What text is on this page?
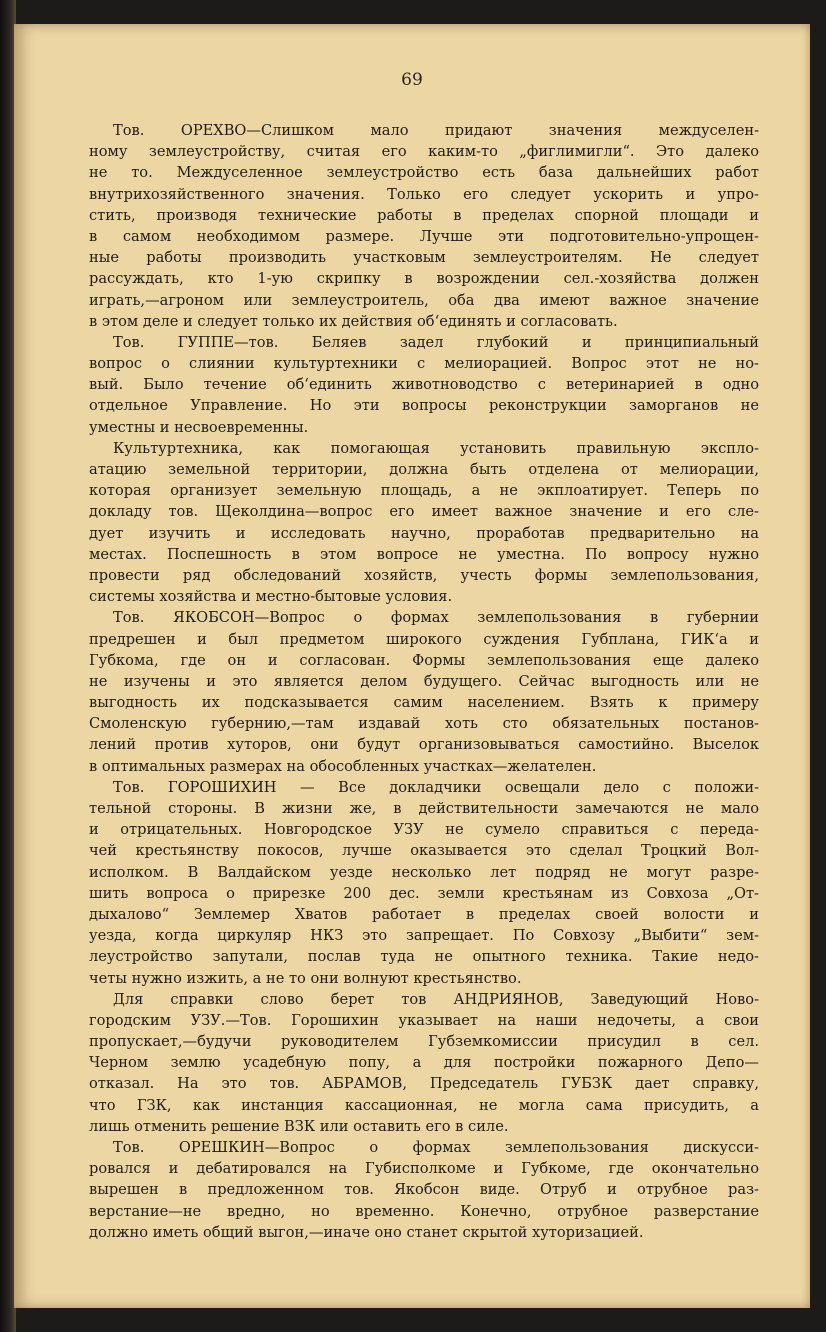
69
Тов. ОРЕХВО—Слишком мало придают значения междуселен-
ному землеустройству, считая его каким-то „фиглимигли“. Это далеко
не то. Междуселенное землеустройство есть база дальнейших работ
внутрихозяйственного значения. Только его следует ускорить и упро-
стить, производя технические работы в пределах спорной площади и
в самом необходимом размере. Лучше эти подготовительно-упрощен-
ные работы производить участковым землеустроителям. Не следует
рассуждать, кто 1-ую скрипку в возрождении сел.-хозяйства должен
играть,—агроном или землеустроитель, оба два имеют важное значение
в этом деле и следует только их действия об‘единять и согласовать.
Тов. ГУППЕ—тов. Беляев задел глубокий и принципиальный
вопрос о слиянии культуртехники с мелиорацией. Вопрос этот не но-
вый. Было течение об‘единить животноводство с ветеринарией в одно
отдельное Управление. Но эти вопросы реконструкции заморганов не
уместны и несвоевременны.
Культуртехника, как помогающая установить правильную эксплo-
атацию земельной территории, должна быть отделена от мелиорации,
которая организует земельную площадь, а не экплоатирует. Теперь по
докладу тов. Щеколдина—вопрос его имеет важное значение и его сле-
дует изучить и исследовать научно, проработав предварительно на
местах. Поспешность в этом вопросе не уместна. По вопросу нужно
провести ряд обследований хозяйств, учесть формы землепользования,
системы хозяйства и местно-бытовые условия.
Тов. ЯКОБСОН—Вопрос о формах землепользования в губернии
предрешен и был предметом широкого суждения Губплана, ГИК‘а и
Губкома, где он и согласован. Формы землепользования еще далеко
не изучены и это является делом будущего. Сейчас выгодность или не
выгодность их подсказывается самим населением. Взять к примеру
Смоленскую губернию,—там издавай хоть сто обязательных постанов-
лений против хуторов, они будут организовываться самостийно. Выселок
в оптимальных размерах на обособленных участках—желателен.
Тов. ГОРОШИХИН — Все докладчики освещали дело с положи-
тельной стороны. В жизни же, в действительности замечаются не мало
и отрицательных. Новгородское УЗУ не сумело справиться с переда-
чей крестьянству покосов, лучше оказывается это сделал Троцкий Вол-
исполком. В Валдайском уезде несколько лет подряд не могут разре-
шить вопроса о прирезке 200 дес. земли крестьянам из Совхоза „От-
дыхалово“ Землемер Хватов работает в пределах своей волости и
уезда, когда циркуляр НКЗ это запрещает. По Совхозу „Выбити“ зем-
леустройство запутали, послав туда не опытного техника. Такие недо-
четы нужно изжить, а не то они волнуют крестьянство.
Для справки слово берет тов АНДРИЯНОВ, Заведующий Ново-
городским УЗУ.—Тов. Горошихин указывает на наши недочеты, а свои
пропускает,—будучи руководителем Губземкомиссии присудил в сел.
Черном землю усадебную попу, а для постройки пожарного Депо—
отказал. На это тов. АБРАМОВ, Председатель ГУБЗК дает справку,
что ГЗК, как инстанция кассационная, не могла сама присудить, а
лишь отменить решение ВЗК или оставить его в силе.
Тов. ОРЕШКИН—Вопрос о формах землепользования дискусси-
ровался и дебатировался на Губисполкоме и Губкоме, где окончательно
вырешен в предложенном тов. Якобсон виде. Отруб и отрубное раз-
верстание—не вредно, но временно. Конечно, отрубное разверстание
должно иметь общий выгон,—иначе оно станет скрытой хуторизацией.
